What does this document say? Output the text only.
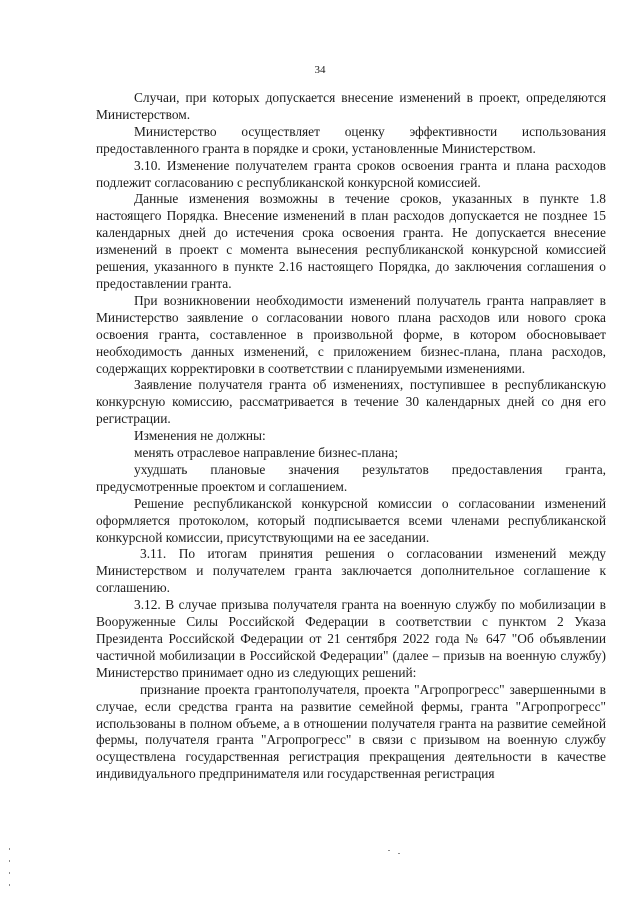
34

Случаи, при которых допускается внесение изменений в проект, определяются Министерством.

Министерство осуществляет оценку эффективности использования предоставленного гранта в порядке и сроки, установленные Министерством.

3.10. Изменение получателем гранта сроков освоения гранта и плана расходов подлежит согласованию с республиканской конкурсной комиссией.

Данные изменения возможны в течение сроков, указанных в пункте 1.8 настоящего Порядка. Внесение изменений в план расходов допускается не позднее 15 календарных дней до истечения срока освоения гранта. Не допускается внесение изменений в проект с момента вынесения республиканской конкурсной комиссией решения, указанного в пункте 2.16 настоящего Порядка, до заключения соглашения о предоставлении гранта.

При возникновении необходимости изменений получатель гранта направляет в Министерство заявление о согласовании нового плана расходов или нового срока освоения гранта, составленное в произвольной форме, в котором обосновывает необходимость данных изменений, с приложением бизнес-плана, плана расходов, содержащих корректировки в соответствии с планируемыми изменениями.

Заявление получателя гранта об изменениях, поступившее в республиканскую конкурсную комиссию, рассматривается в течение 30 календарных дней со дня его регистрации.

Изменения не должны:

менять отраслевое направление бизнес-плана;

ухудшать плановые значения результатов предоставления гранта, предусмотренные проектом и соглашением.

Решение республиканской конкурсной комиссии о согласовании изменений оформляется протоколом, который подписывается всеми членами республиканской конкурсной комиссии, присутствующими на ее заседании.

3.11. По итогам принятия решения о согласовании изменений между Министерством и получателем гранта заключается дополнительное соглашение к соглашению.

3.12. В случае призыва получателя гранта на военную службу по мобилизации в Вооруженные Силы Российской Федерации в соответствии с пунктом 2 Указа Президента Российской Федерации от 21 сентября 2022 года № 647 "Об объявлении частичной мобилизации в Российской Федерации" (далее – призыв на военную службу) Министерство принимает одно из следующих решений:

признание проекта грантополучателя, проекта "Агропрогресс" завершенными в случае, если средства гранта на развитие семейной фермы, гранта "Агропрогресс" использованы в полном объеме, а в отношении получателя гранта на развитие семейной фермы, получателя гранта "Агропрогресс" в связи с призывом на военную службу осуществлена государственная регистрация прекращения деятельности в качестве индивидуального предпринимателя или государственная регистрация
